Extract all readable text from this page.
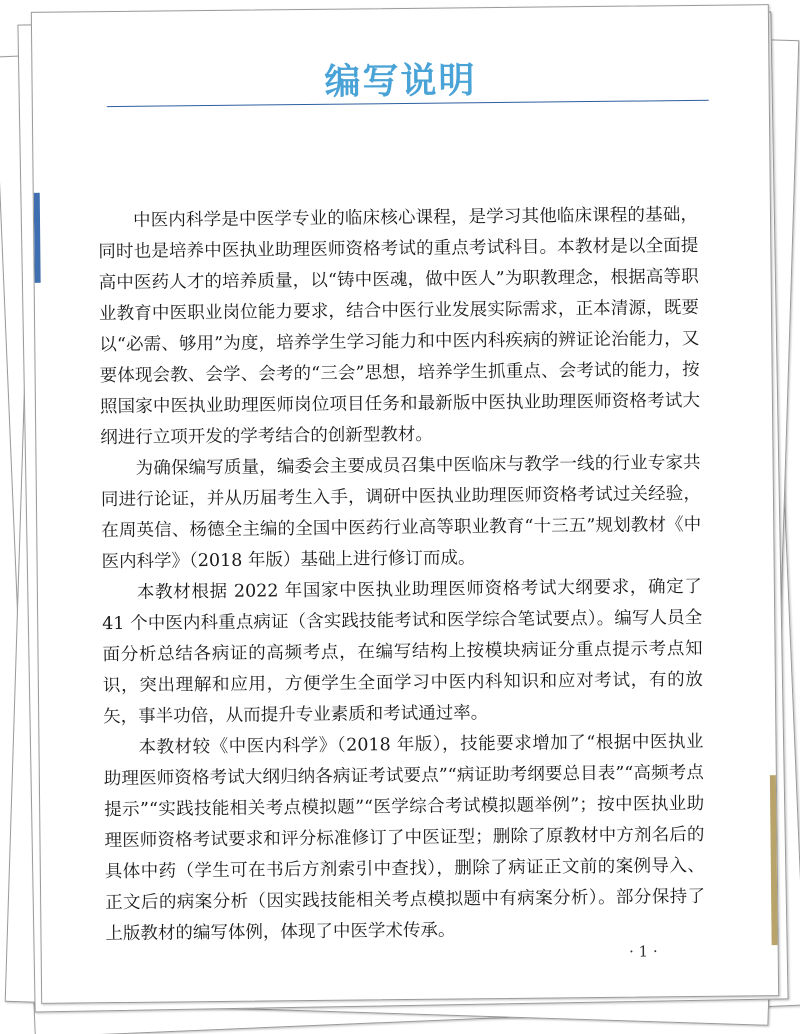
编写说明

中医内科学是中医学专业的临床核心课程，是学习其他临床课程的基础，同时也是培养中医执业助理医师资格考试的重点考试科目。本教材是以全面提高中医药人才的培养质量，以“铸中医魂，做中医人”为职教理念，根据高等职业教育中医职业岗位能力要求，结合中医行业发展实际需求，正本清源，既要以“必需、够用”为度，培养学生学习能力和中医内科疾病的辨证论治能力，又要体现会教、会学、会考的“三会”思想，培养学生抓重点、会考试的能力，按照国家中医执业助理医师岗位项目任务和最新版中医执业助理医师资格考试大纲进行立项开发的学考结合的创新型教材。

为确保编写质量，编委会主要成员召集中医临床与教学一线的行业专家共同进行论证，并从历届考生入手，调研中医执业助理医师资格考试过关经验，在周英信、杨德全主编的全国中医药行业高等职业教育“十三五”规划教材《中医内科学》（2018 年版）基础上进行修订而成。

本教材根据 2022 年国家中医执业助理医师资格考试大纲要求，确定了 41 个中医内科重点病证（含实践技能考试和医学综合笔试要点）。编写人员全面分析总结各病证的高频考点，在编写结构上按模块病证分重点提示考点知识，突出理解和应用，方便学生全面学习中医内科知识和应对考试，有的放矢，事半功倍，从而提升专业素质和考试通过率。

本教材较《中医内科学》（2018 年版），技能要求增加了“根据中医执业助理医师资格考试大纲归纳各病证考试要点”“病证助考纲要总目表”“高频考点提示”“实践技能相关考点模拟题”“医学综合考试模拟题举例”；按中医执业助理医师资格考试要求和评分标准修订了中医证型；删除了原教材中方剂名后的具体中药（学生可在书后方剂索引中查找），删除了病证正文前的案例导入、正文后的病案分析（因实践技能相关考点模拟题中有病案分析）。部分保持了上版教材的编写体例，体现了中医学术传承。

· 1 ·
